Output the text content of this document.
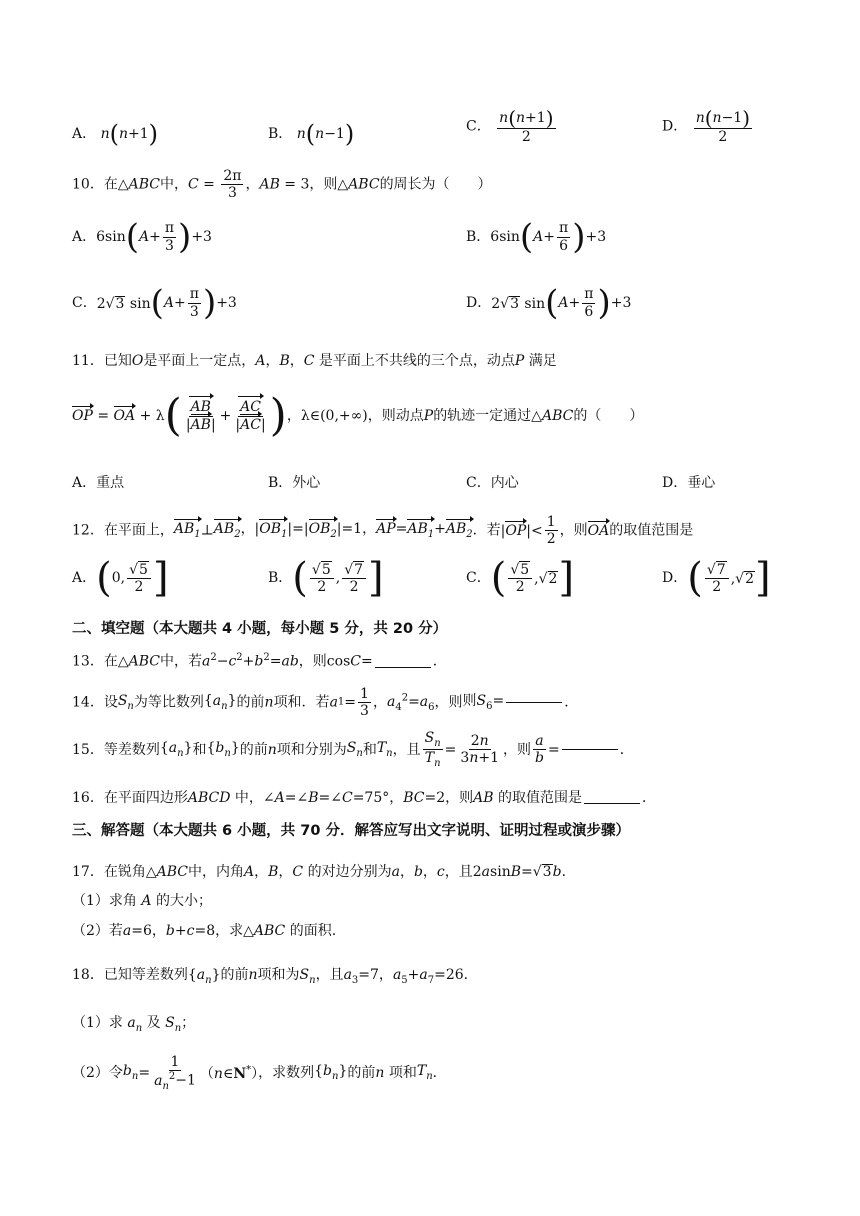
A． n(n+1)	B． n(n−1)	C． $\frac{n(n+1)}{2}$	D． $\frac{n(n-1)}{2}$
10．在△ABC中，$C = \frac{2\pi}{3}$ ，AB = 3，则△ABC的周长为（　　）
A．$6\sin(A+ \frac{\pi}{3} )+3$	B．$6\sin(A+ \frac{\pi}{6} )+3$
C．2√3 $\sin(A+ \frac{\pi}{3} )+3$	D．2√3 $\sin(A+ \frac{\pi}{6} )+3$
11．已知O是平面上一定点，A，B，C 是平面上不共线的三个点，动点P 满足
OP = OA + $\lambda( \frac{AB}{|AB|} + \frac{AC}{|AC|}$ )，λ∈(0,+∞)，则动点P的轨迹一定通过△ABC的（　　）
A．重点	B．外心	C．内心	D．垂心
12．在平面上，$AB_1\perp AB_2$，$|OB_1|=|OB_2|=1$，$AP=AB_1+AB_2$．若$|OP|< \frac{1}{2}$ ，则OA的取值范围是
A．(0, $\frac{√5}{2}$ ]	B．( $\frac{√5}{2}$ , $\frac{√7}{2}$ ]	C．( $\frac{√5}{2} ,√2$]	D．( $\frac{√7}{2} ,√2$]
二、填空题（本大题共 4 小题，每小题 5 分，共 20 分）
13．在△ABC中，若$a^2-c^2+b^2=ab$，则cosC=	．
14．设$S_n$为等比数列$\{a_n\}$的前n项和．若$a1= \frac{1}{3}$ ，$a_4^2=a_6$，则则$S_6=$	．
15．等差数列$\{a_n\}$和$\{b_n\}$的前n项和分别为$S_n$和$T_n$，且 $\frac{S_n}{T_n} = \frac{2n}{3n+1}$ ，则 $\frac{a}{b}$ =	．
16．在平面四边形ABCD 中，∠A=∠B=∠C=75°，BC=2，则AB 的取值范围是	．
三、解答题（本大题共 6 小题，共 70 分．解答应写出文字说明、证明过程或演步骤）
17．在锐角△ABC中，内角A，B，C 的对边分别为a，b，c，且2asinB=√3b．
（1）求角 A 的大小；
（2）若a=6，b+c=8，求△ABC 的面积.
18．已知等差数列$\{a_n\}$的前n项和为$S_n$，且$a_3=7$，$a_5+a_7=26$．
（1）求 $a_n$ 及 $S_n$；
（2）令$b_n= \frac{1}{a_n^2-1}$ （n∈N*），求数列$\{b_n\}$的前n 项和$T_n$．
